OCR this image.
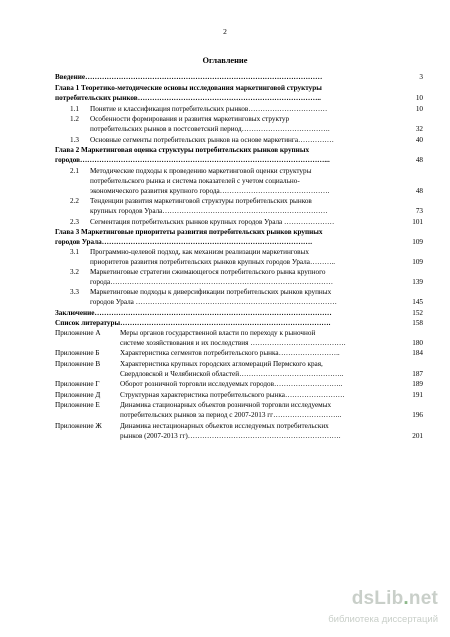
2
Оглавление
Введение………………………………………………………………………………………	3
Глава 1 Теоретико-методические основы исследования маркетинговой структуры
потребительских рынков…………………………………………………………………..	10
1.1 Понятие и классификация потребительских рынков……………………………	10
1.2 Особенности формирования и развития маркетинговых структур
потребительских рынков в постсоветский период……………………………….	32
1.3 Основные сегменты потребительских рынков на основе маркетинга……………	40
Глава 2 Маркетинговая оценка структуры потребительских рынков крупных
городов…………………………………………………………………………………………...	48
2.1 Методические подходы к проведению маркетинговой оценки структуры
потребительского рынка и система показателей с учетом социально-
экономического развития крупного города……………………………………….	48
2.2 Тенденции развития маркетинговой структуры потребительских рынков
крупных городов Урала……………………………………………………………	73
2.3 Сегментация потребительских рынков крупных городов Урала …………………	101
Глава 3 Маркетинговые приоритеты развития потребительских рынков крупных
городов Урала…………………………………………………………………………….	109
3.1 Программно-целевой подход, как механизм реализации маркетинговых
приоритетов развития потребительских рынков крупных городов Урала………..	109
3.2 Маркетинговые стратегии сжимающегося потребительского рынка крупного
города…………………………………………………………………………………	139
3.3 Маркетинговые подходы к диверсификации потребительских рынков крупных
городов Урала …………………………………………………………………………	145
Заключение………………………………………………………………………………………	152
Список литературы…………………………………………………………………………….	158
Приложение А	Меры органов государственной власти по переходу к рыночной
системе хозяйствования и их последствия ………………………………….	180
Приложение Б	Характеристика сегментов потребительского рынка……………………..	184
Приложение В	Характеристика крупных городских агломераций Пермского края,
Свердловской и Челябинской областей……………………………………..	187
Приложение Г	Оборот розничной торговли исследуемых городов………………………..	189
Приложение Д	Структурная характеристика потребительского рынка…………………….	191
Приложение Е	Динамика стационарных объектов розничной торговли исследуемых
потребительских рынков за период с 2007-2013 гг………………………..	196
Приложение Ж	Динамика нестационарных объектов исследуемых потребительских
рынков (2007-2013 гг)……………………………………………………….	201
dsLib.net
библиотека диссертаций
